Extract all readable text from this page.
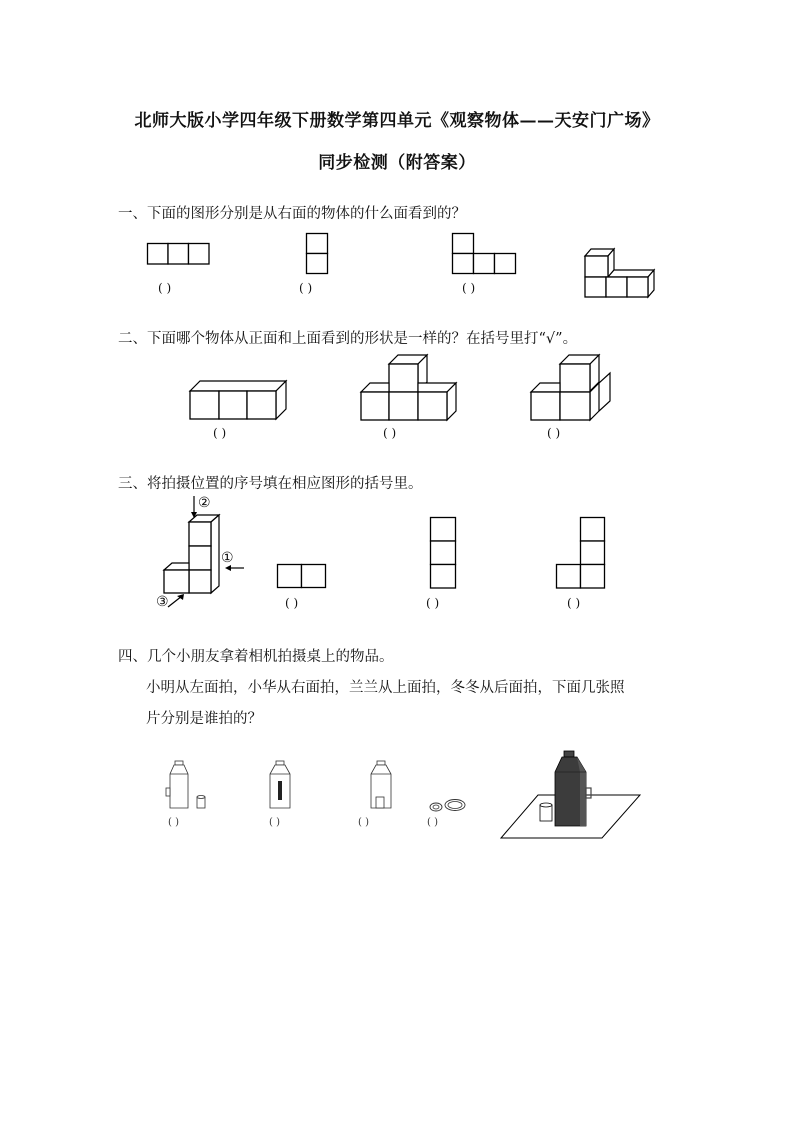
北师大版小学四年级下册数学第四单元《观察物体——天安门广场》
同步检测（附答案）
一、下面的图形分别是从右面的物体的什么面看到的？
( )	( )	( )
二、下面哪个物体从正面和上面看到的形状是一样的？在括号里打“√”。
( )	( )	( )
三、将拍摄位置的序号填在相应图形的括号里。
②
①
③	( )	( )	( )
四、几个小朋友拿着相机拍摄桌上的物品。
小明从左面拍，小华从右面拍，兰兰从上面拍，冬冬从后面拍，下面几张照
片分别是谁拍的？
( )	( )	( )	( )
